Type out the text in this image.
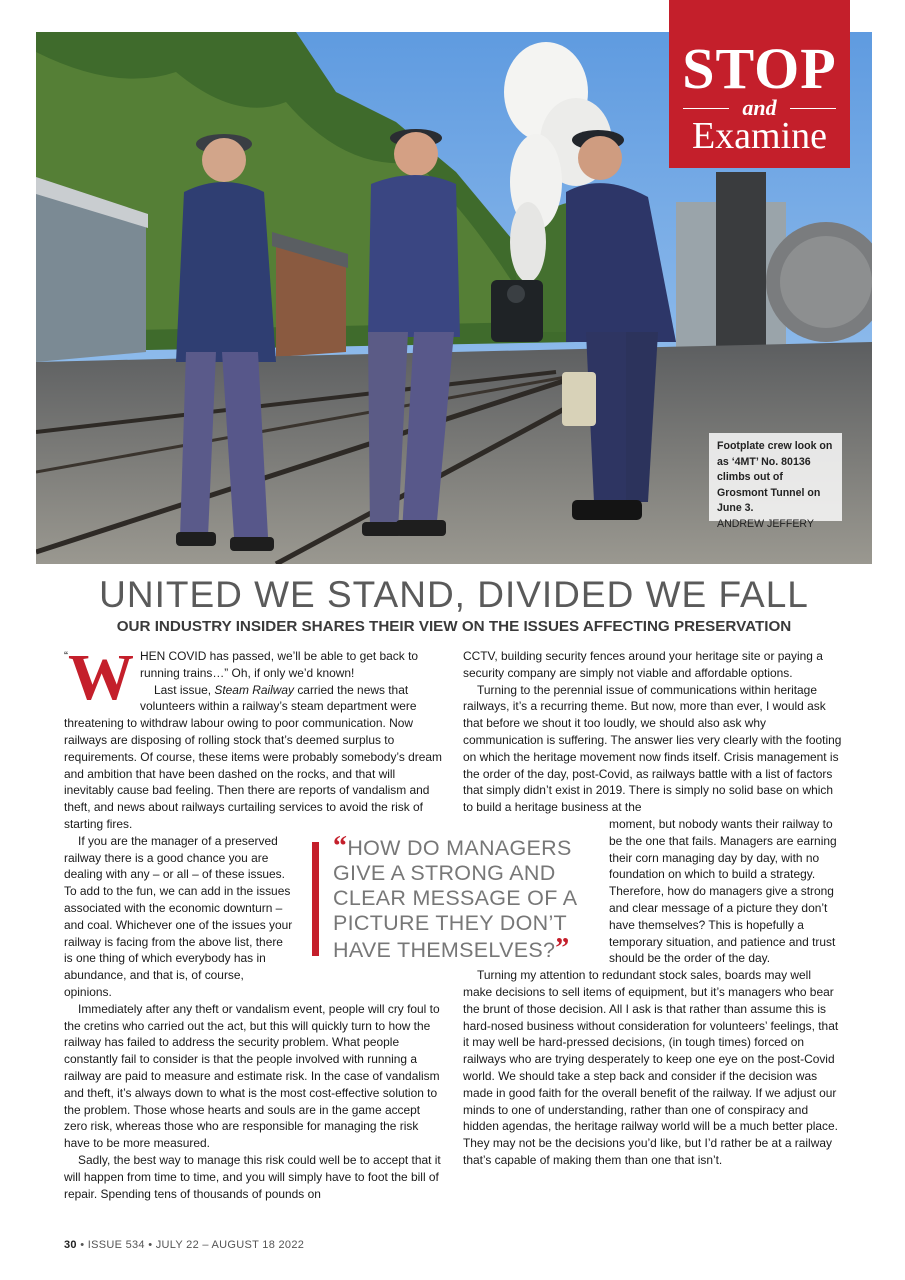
Footplate crew look on as ‘4MT’ No. 80136 climbs out of Grosmont Tunnel on June 3.
ANDREW JEFFERY
STOP
and
Examine
UNITED WE STAND, DIVIDED WE FALL
OUR INDUSTRY INSIDER SHARES THEIR VIEW ON THE ISSUES AFFECTING PRESERVATION

“ W HEN COVID has passed, we’ll be able to get back to running trains…” Oh, if only we’d known!

Last issue, Steam Railway carried the news that volunteers within a railway’s steam department were threatening to withdraw labour owing to poor communication. Now railways are disposing of rolling stock that’s deemed surplus to requirements. Of course, these items were probably somebody’s dream and ambition that have been dashed on the rocks, and that will inevitably cause bad feeling. Then there are reports of vandalism and theft, and news about railways curtailing services to avoid the risk of starting fires.

If you are the manager of a preserved railway there is a good chance you are dealing with any – or all – of these issues. To add to the fun, we can add in the issues associated with the economic downturn – and coal. Whichever one of the issues your railway is facing from the above list, there is one thing of which everybody has in abundance, and that is, of course, opinions.

Immediately after any theft or vandalism event, people will cry foul to the cretins who carried out the act, but this will quickly turn to how the railway has failed to address the security problem. What people constantly fail to consider is that the people involved with running a railway are paid to measure and estimate risk. In the case of vandalism and theft, it’s always down to what is the most cost-effective solution to the problem. Those whose hearts and souls are in the game accept zero risk, whereas those who are responsible for managing the risk have to be more measured.

Sadly, the best way to manage this risk could well be to accept that it will happen from time to time, and you will simply have to foot the bill of repair. Spending tens of thousands of pounds on

CCTV, building security fences around your heritage site or paying a security company are simply not viable and affordable options.

Turning to the perennial issue of communications within heritage railways, it’s a recurring theme. But now, more than ever, I would ask that before we shout it too loudly, we should also ask why communication is suffering. The answer lies very clearly with the footing on which the heritage movement now finds itself. Crisis management is the order of the day, post-Covid, as railways battle with a list of factors that simply didn’t exist in 2019. There is simply no solid base on which to build a heritage business at the

moment, but nobody wants their railway to be the one that fails. Managers are earning their corn managing day by day, with no foundation on which to build a strategy. Therefore, how do managers give a strong and clear message of a picture they don’t have themselves? This is hopefully a temporary situation, and patience and trust should be the order of the day.

Turning my attention to redundant stock sales, boards may well make decisions to sell items of equipment, but it’s managers who bear the brunt of those decision. All I ask is that rather than assume this is hard-nosed business without consideration for volunteers’ feelings, that it may well be hard-pressed decisions, (in tough times) forced on railways who are trying desperately to keep one eye on the post-Covid world. We should take a step back and consider if the decision was made in good faith for the overall benefit of the railway. If we adjust our minds to one of understanding, rather than one of conspiracy and hidden agendas, the heritage railway world will be a much better place. They may not be the decisions you’d like, but I’d rather be at a railway that’s capable of making them than one that isn’t.

“HOW DO MANAGERS GIVE A STRONG AND CLEAR MESSAGE OF A PICTURE THEY DON’T HAVE THEMSELVES?”
30 • ISSUE 534 • JULY 22 – AUGUST 18 2022
